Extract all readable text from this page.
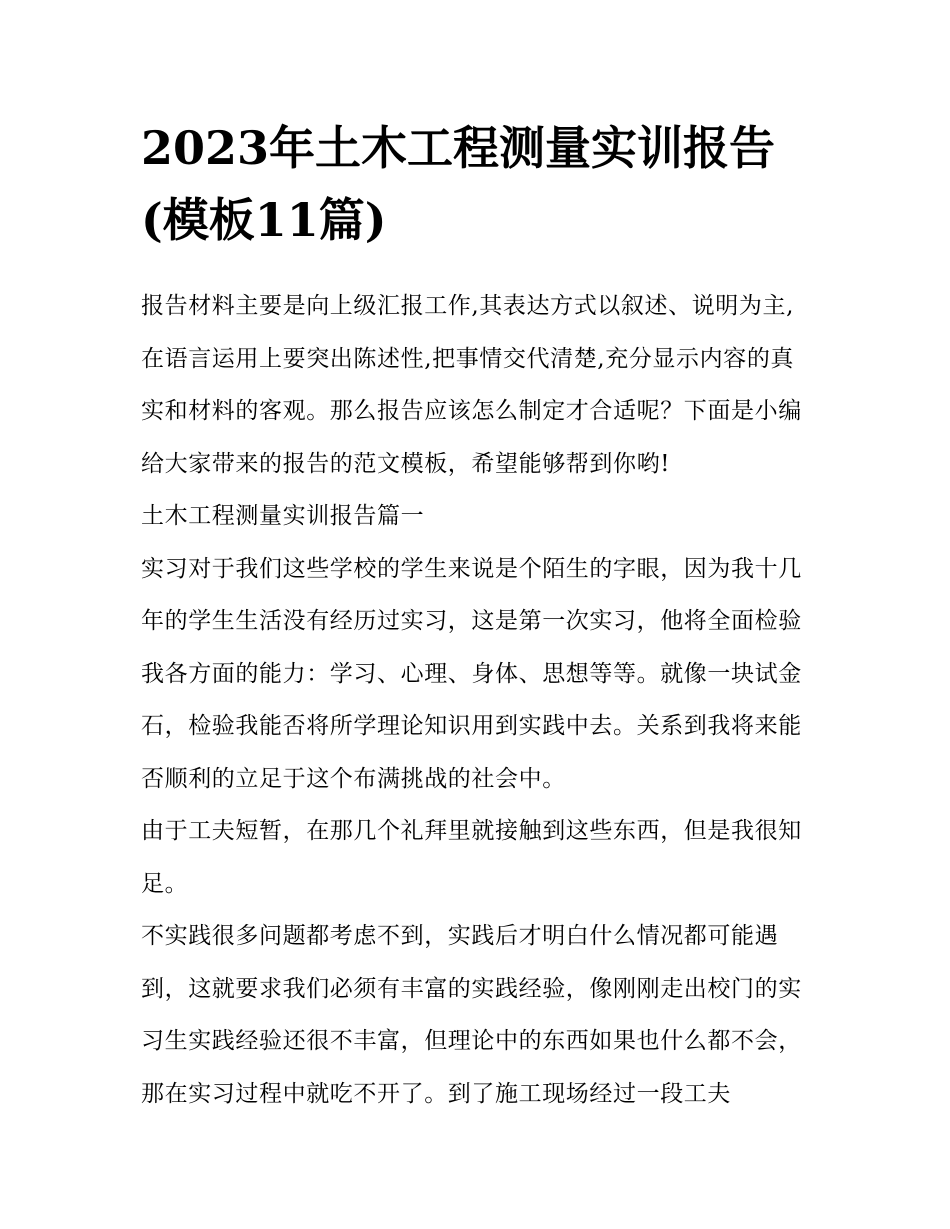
2023年土木工程测量实训报告(模板11篇)

报告材料主要是向上级汇报工作,其表达方式以叙述、说明为主,在语言运用上要突出陈述性,把事情交代清楚,充分显示内容的真实和材料的客观。那么报告应该怎么制定才合适呢？下面是小编给大家带来的报告的范文模板，希望能够帮到你哟!

土木工程测量实训报告篇一

实习对于我们这些学校的学生来说是个陌生的字眼，因为我十几年的学生生活没有经历过实习，这是第一次实习，他将全面检验我各方面的能力：学习、心理、身体、思想等等。就像一块试金石，检验我能否将所学理论知识用到实践中去。关系到我将来能否顺利的立足于这个布满挑战的社会中。

由于工夫短暂，在那几个礼拜里就接触到这些东西，但是我很知足。

不实践很多问题都考虑不到，实践后才明白什么情况都可能遇到，这就要求我们必须有丰富的实践经验，像刚刚走出校门的实习生实践经验还很不丰富，但理论中的东西如果也什么都不会，那在实习过程中就吃不开了。到了施工现场经过一段工夫
